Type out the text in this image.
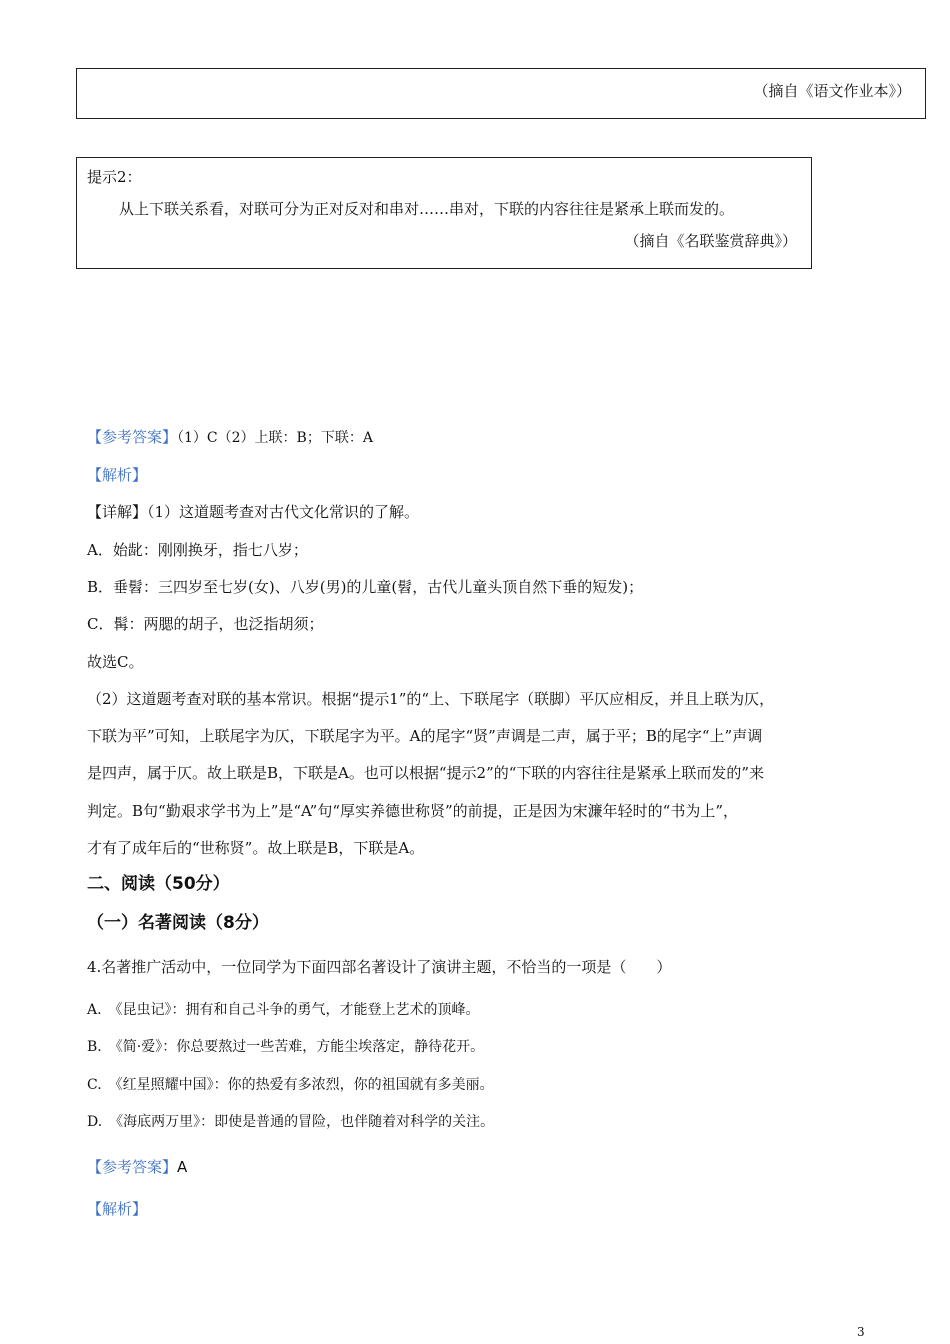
（摘自《语文作业本》）
提示2：
从上下联关系看，对联可分为正对反对和串对……串对，下联的内容往往是紧承上联而发的。
（摘自《名联鉴赏辞典》）
【参考答案】（1）C（2）上联：B；下联：A
【解析】
【详解】（1）这道题考查对古代文化常识的了解。
A．始龀：刚刚换牙，指七八岁；
B．垂髫：三四岁至七岁(女)、八岁(男)的儿童(髫，古代儿童头顶自然下垂的短发)；
C．髯：两腮的胡子，也泛指胡须；
故选C。
（2）这道题考查对联的基本常识。根据“提示1”的“上、下联尾字（联脚）平仄应相反，并且上联为仄，
下联为平”可知，上联尾字为仄，下联尾字为平。A的尾字“贤”声调是二声，属于平；B的尾字“上”声调
是四声，属于仄。故上联是B，下联是A。也可以根据“提示2”的“下联的内容往往是紧承上联而发的”来
判定。B句“勤艰求学书为上”是“A”句“厚实养德世称贤”的前提，正是因为宋濂年轻时的“书为上”，
才有了成年后的“世称贤”。故上联是B，下联是A。
二、阅读（50分）
（一）名著阅读（8分）
4.名著推广活动中，一位同学为下面四部名著设计了演讲主题，不恰当的一项是（　　）
A.　《昆虫记》：拥有和自己斗争的勇气，才能登上艺术的顶峰。
B.　《简·爱》：你总要熬过一些苦难，方能尘埃落定，静待花开。
C.　《红星照耀中国》：你的热爱有多浓烈，你的祖国就有多美丽。
D.　《海底两万里》：即使是普通的冒险，也伴随着对科学的关注。
【参考答案】A
【解析】
3
